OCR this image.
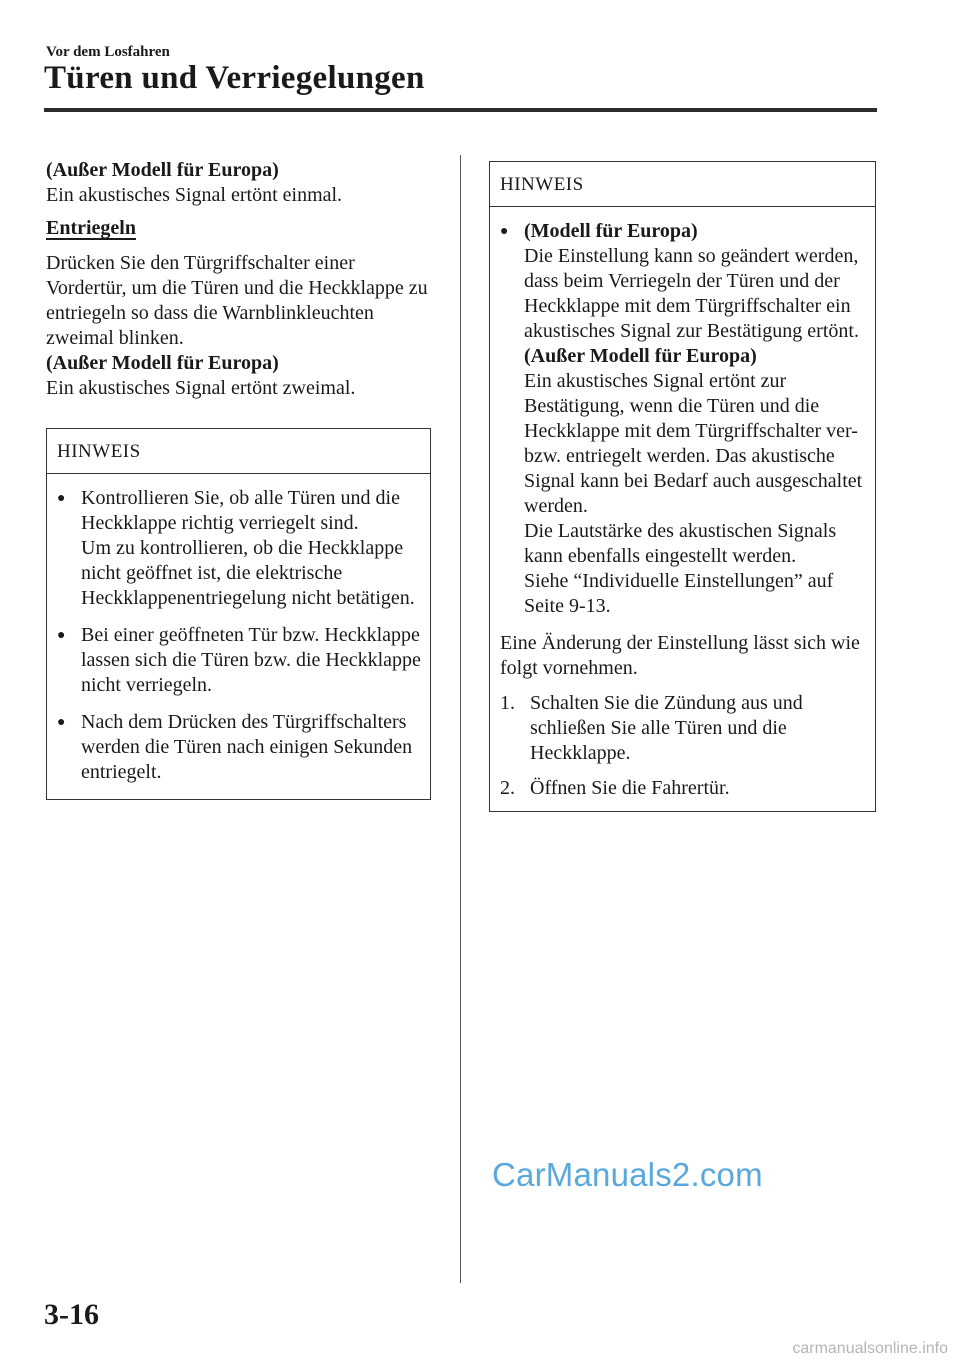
Vor dem Losfahren
Türen und Verriegelungen

(Außer Modell für Europa)

Ein akustisches Signal ertönt einmal.

Entriegeln

Drücken Sie den Türgriffschalter einer Vordertür, um die Türen und die Heckklappe zu entriegeln so dass die Warnblinkleuchten zweimal blinken.

(Außer Modell für Europa)

Ein akustisches Signal ertönt zweimal.

HINWEIS
● Kontrollieren Sie, ob alle Türen und die Heckklappe richtig verriegelt sind.
Um zu kontrollieren, ob die Heckklappe nicht geöffnet ist, die elektrische Heckklappenentriegelung nicht betätigen.
● Bei einer geöffneten Tür bzw. Heckklappe lassen sich die Türen bzw. die Heckklappe nicht verriegeln.
● Nach dem Drücken des Türgriffschalters werden die Türen nach einigen Sekunden entriegelt.
HINWEIS
● (Modell für Europa)
Die Einstellung kann so geändert werden, dass beim Verriegeln der Türen und der Heckklappe mit dem Türgriffschalter ein akustisches Signal zur Bestätigung ertönt.
(Außer Modell für Europa)
Ein akustisches Signal ertönt zur Bestätigung, wenn die Türen und die Heckklappe mit dem Türgriffschalter ver- bzw. entriegelt werden. Das akustische Signal kann bei Bedarf auch ausgeschaltet werden.
Die Lautstärke des akustischen Signals kann ebenfalls eingestellt werden.
Siehe “Individuelle Einstellungen” auf Seite 9-13.

Eine Änderung der Einstellung lässt sich wie folgt vornehmen.

1. Schalten Sie die Zündung aus und schließen Sie alle Türen und die Heckklappe.
2. Öffnen Sie die Fahrertür.
CarManuals2.com
3-16
carmanualsonline.info
